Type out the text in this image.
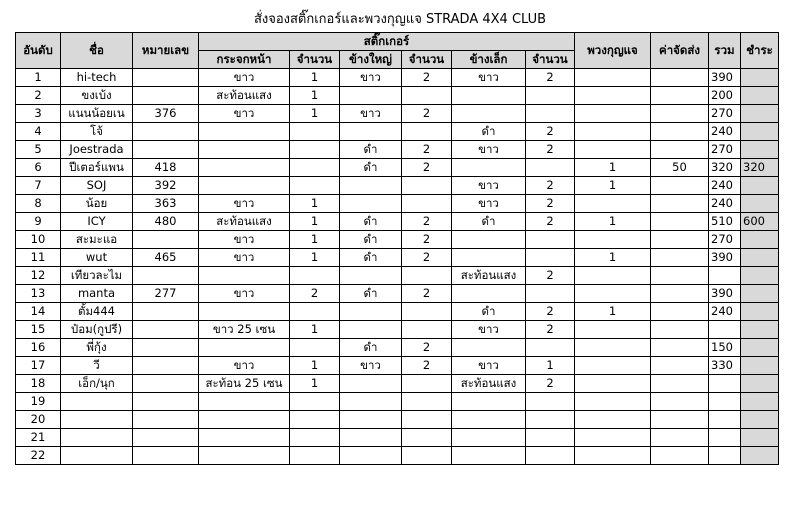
สั่งจองสติ๊กเกอร์และพวงกุญแจ STRADA 4X4 CLUB
อันดับ	ชื่อ	หมายเลข	สติ๊กเกอร์						พวงกุญแจ	ค่าจัดส่ง	รวม	ชำระ
			กระจกหน้า	จำนวน	ข้างใหญ่	จำนวน	ข้างเล็ก	จำนวน				
1	hi-tech		ขาว	1	ขาว	2	ขาว	2			390	
2	ขงเบ้ง		สะท้อนแสง	1							200	
3	แนนน้อยเน	376	ขาว	1	ขาว	2					270	
4	โจ้						ดำ	2			240	
5	Joestrada				ดำ	2	ขาว	2			270	
6	ปีเตอร์แพน	418			ดำ	2			1	50	320	320
7	SOJ	392					ขาว	2	1		240	
8	น้อย	363	ขาว	1			ขาว	2			240	
9	ICY	480	สะท้อนแสง	1	ดำ	2	ดำ	2	1		510	600
10	สะมะแอ		ขาว	1	ดำ	2					270	
11	wut	465	ขาว	1	ดำ	2			1		390	
12	เทียวละไม						สะท้อนแสง	2				
13	manta	277	ขาว	2	ดำ	2					390	
14	ตั้ม444						ดำ	2	1		240	
15	ป๋อม(กูปรี)		ขาว 25 เซน	1			ขาว	2				
16	พี่กุ้ง				ดำ	2					150	
17	วี		ขาว	1	ขาว	2	ขาว	1			330	
18	เอ็ก/นุก		สะท้อน 25 เซน	1			สะท้อนแสง	2				
19												
20												
21												
22												
